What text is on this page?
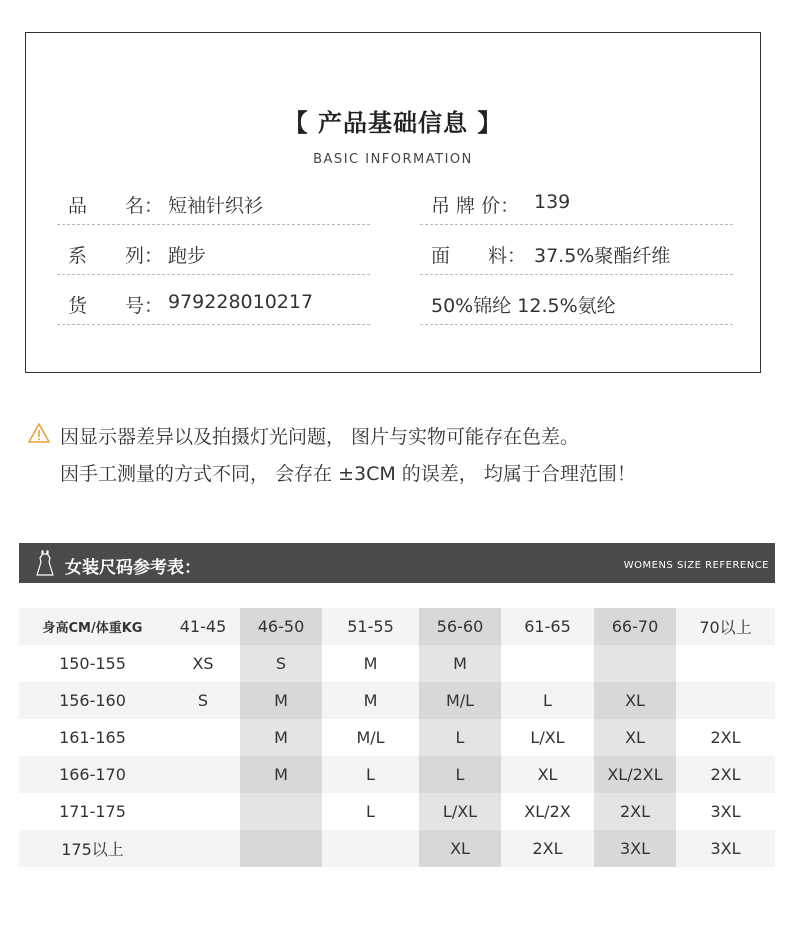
【 产品基础信息 】
BASIC INFORMATION
品　　名： 短袖针织衫
系　　列： 跑步
货　　号： 979228010217
吊 牌 价： 139
面　　料： 37.5%聚酯纤维
50%锦纶 12.5%氨纶
因显示器差异以及拍摄灯光问题， 图片与实物可能存在色差。
因手工测量的方式不同， 会存在 ±3CM 的误差， 均属于合理范围！
女装尺码参考表：	WOMENS SIZE REFERENCE
身高CM/体重KG	41-45	46-50	51-55	56-60	61-65	66-70	70以上
150-155	XS	S	M	M			
156-160	S	M	M	M/L	L	XL	
161-165		M	M/L	L	L/XL	XL	2XL
166-170		M	L	L	XL	XL/2XL	2XL
171-175			L	L/XL	XL/2X	2XL	3XL
175以上				XL	2XL	3XL	3XL
